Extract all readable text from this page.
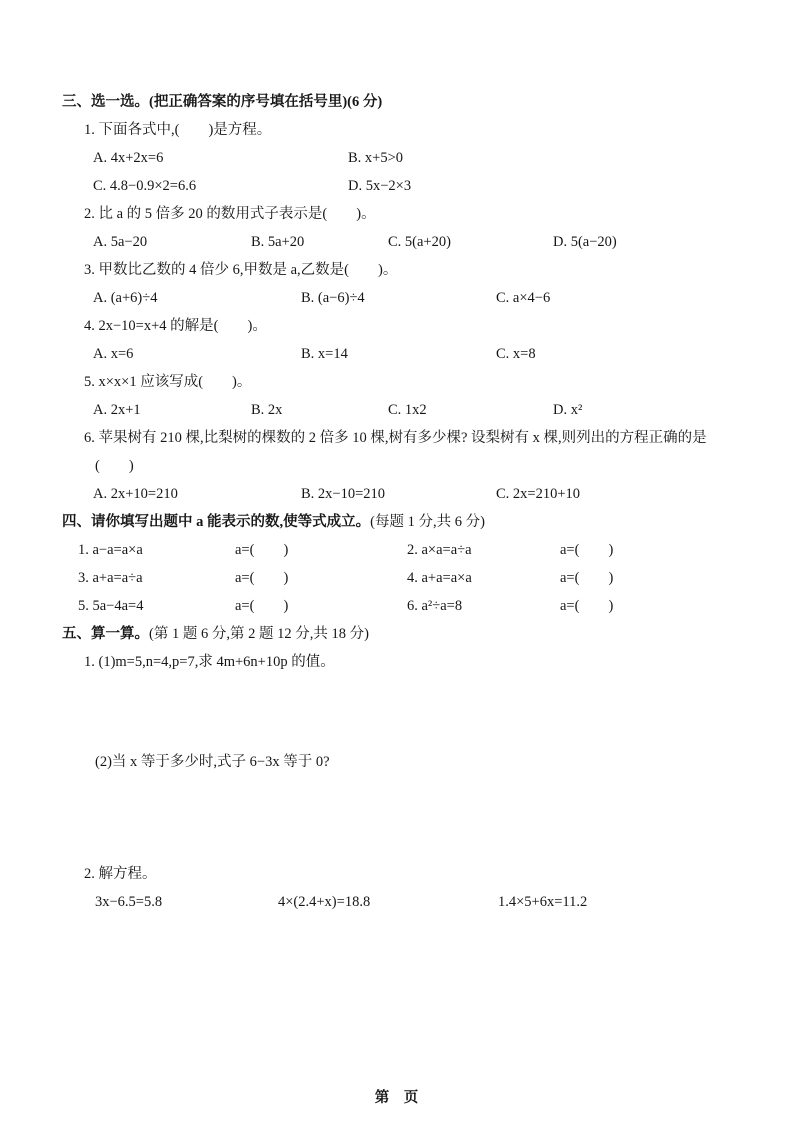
三、选一选。(把正确答案的序号填在括号里)(6 分)
1. 下面各式中,(　　)是方程。
A. 4x+2x=6	B. x+5>0
C. 4.8−0.9×2=6.6	D. 5x−2×3
2. 比 a 的 5 倍多 20 的数用式子表示是(　　)。
A. 5a−20	B. 5a+20	C. 5(a+20)	D. 5(a−20)
3. 甲数比乙数的 4 倍少 6,甲数是 a,乙数是(　　)。
A. (a+6)÷4	B. (a−6)÷4	C. a×4−6
4. 2x−10=x+4 的解是(　　)。
A. x=6	B. x=14	C. x=8
5. x×x×1 应该写成(　　)。
A. 2x+1	B. 2x	C. 1x2	D. x²
6. 苹果树有 210 棵,比梨树的棵数的 2 倍多 10 棵,树有多少棵? 设梨树有 x 棵,则列出的方程正确的是
(　　)
A. 2x+10=210	B. 2x−10=210	C. 2x=210+10
四、请你填写出题中 a 能表示的数,使等式成立。(每题 1 分,共 6 分)
1. a−a=a×a	a=(　　)	2. a×a=a÷a	a=(　　)
3. a+a=a÷a	a=(　　)	4. a+a=a×a	a=(　　)
5. 5a−4a=4	a=(　　)	6. a²÷a=8	a=(　　)
五、算一算。(第 1 题 6 分,第 2 题 12 分,共 18 分)
1. (1)m=5,n=4,p=7,求 4m+6n+10p 的值。
(2)当 x 等于多少时,式子 6−3x 等于 0?
2. 解方程。
3x−6.5=5.8	4×(2.4+x)=18.8	1.4×5+6x=11.2
第　页
